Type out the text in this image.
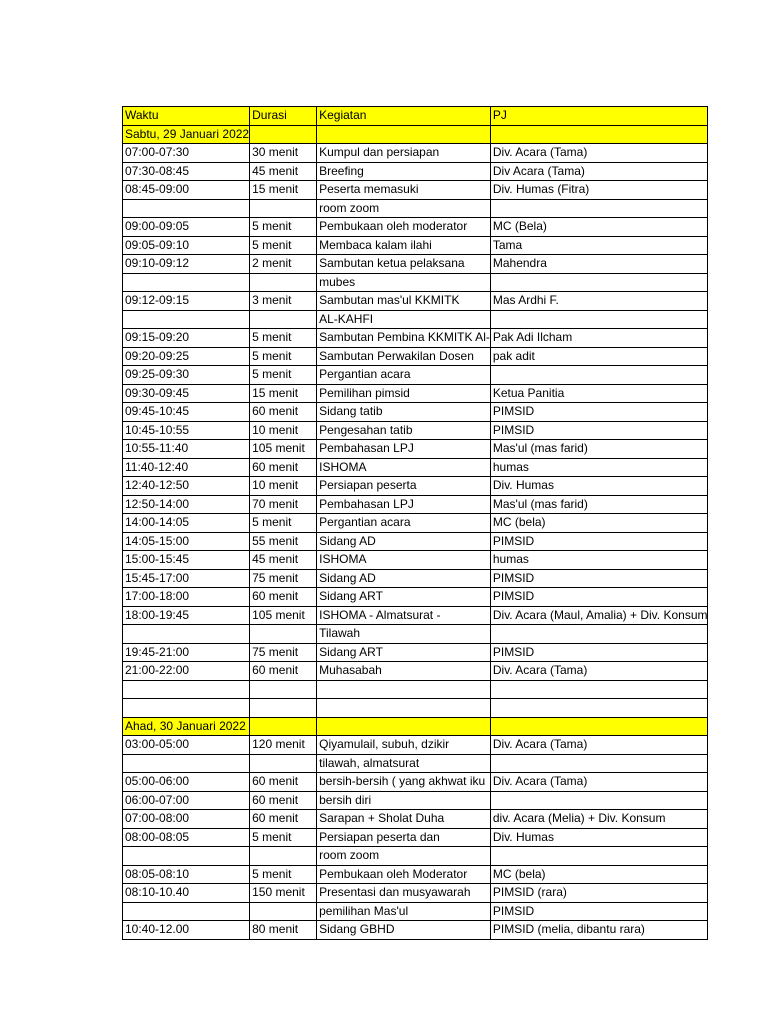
Waktu	Durasi	Kegiatan	PJ
Sabtu, 29 Januari 2022			
07:00-07:30	30 menit	Kumpul dan persiapan	Div. Acara (Tama)
07:30-08:45	45 menit	Breefing	Div Acara (Tama)
08:45-09:00	15 menit	Peserta memasuki	Div. Humas (Fitra)
		room zoom	
09:00-09:05	5 menit	Pembukaan oleh moderator	MC (Bela)
09:05-09:10	5 menit	Membaca kalam ilahi	Tama
09:10-09:12	2 menit	Sambutan ketua pelaksana	Mahendra
		mubes	
09:12-09:15	3 menit	Sambutan mas'ul KKMITK	Mas Ardhi F.
		AL-KAHFI	
09:15-09:20	5 menit	Sambutan Pembina KKMITK Al-	Pak Adi Ilcham
09:20-09:25	5 menit	Sambutan Perwakilan Dosen	pak adit
09:25-09:30	5 menit	Pergantian acara	
09:30-09:45	15 menit	Pemilihan pimsid	Ketua Panitia
09:45-10:45	60 menit	Sidang tatib	PIMSID
10:45-10:55	10 menit	Pengesahan tatib	PIMSID
10:55-11:40	105 menit	Pembahasan LPJ	Mas'ul (mas farid)
11:40-12:40	60 menit	ISHOMA	humas
12:40-12:50	10 menit	Persiapan peserta	Div. Humas
12:50-14:00	70 menit	Pembahasan LPJ	Mas'ul (mas farid)
14:00-14:05	5 menit	Pergantian acara	MC (bela)
14:05-15:00	55 menit	Sidang AD	PIMSID
15:00-15:45	45 menit	ISHOMA	humas
15:45-17:00	75 menit	Sidang AD	PIMSID
17:00-18:00	60 menit	Sidang ART	PIMSID
18:00-19:45	105 menit	ISHOMA - Almatsurat -	Div. Acara (Maul, Amalia) + Div. Konsum
		Tilawah	
19:45-21:00	75 menit	Sidang ART	PIMSID
21:00-22:00	60 menit	Muhasabah	Div. Acara (Tama)

Ahad, 30 Januari 2022			
03:00-05:00	120 menit	Qiyamulail, subuh, dzikir	Div. Acara (Tama)
		tilawah, almatsurat	
05:00-06:00	60 menit	bersih-bersih ( yang akhwat iku	Div. Acara (Tama)
06:00-07:00	60 menit	bersih diri	
07:00-08:00	60 menit	Sarapan + Sholat Duha	div. Acara (Melia) + Div. Konsum
08:00-08:05	5 menit	Persiapan peserta dan	Div. Humas
		room zoom	
08:05-08:10	5 menit	Pembukaan oleh Moderator	MC (bela)
08:10-10.40	150 menit	Presentasi dan musyawarah	PIMSID (rara)
		pemilihan Mas'ul	PIMSID
10:40-12.00	80 menit	Sidang GBHD	PIMSID (melia, dibantu rara)
